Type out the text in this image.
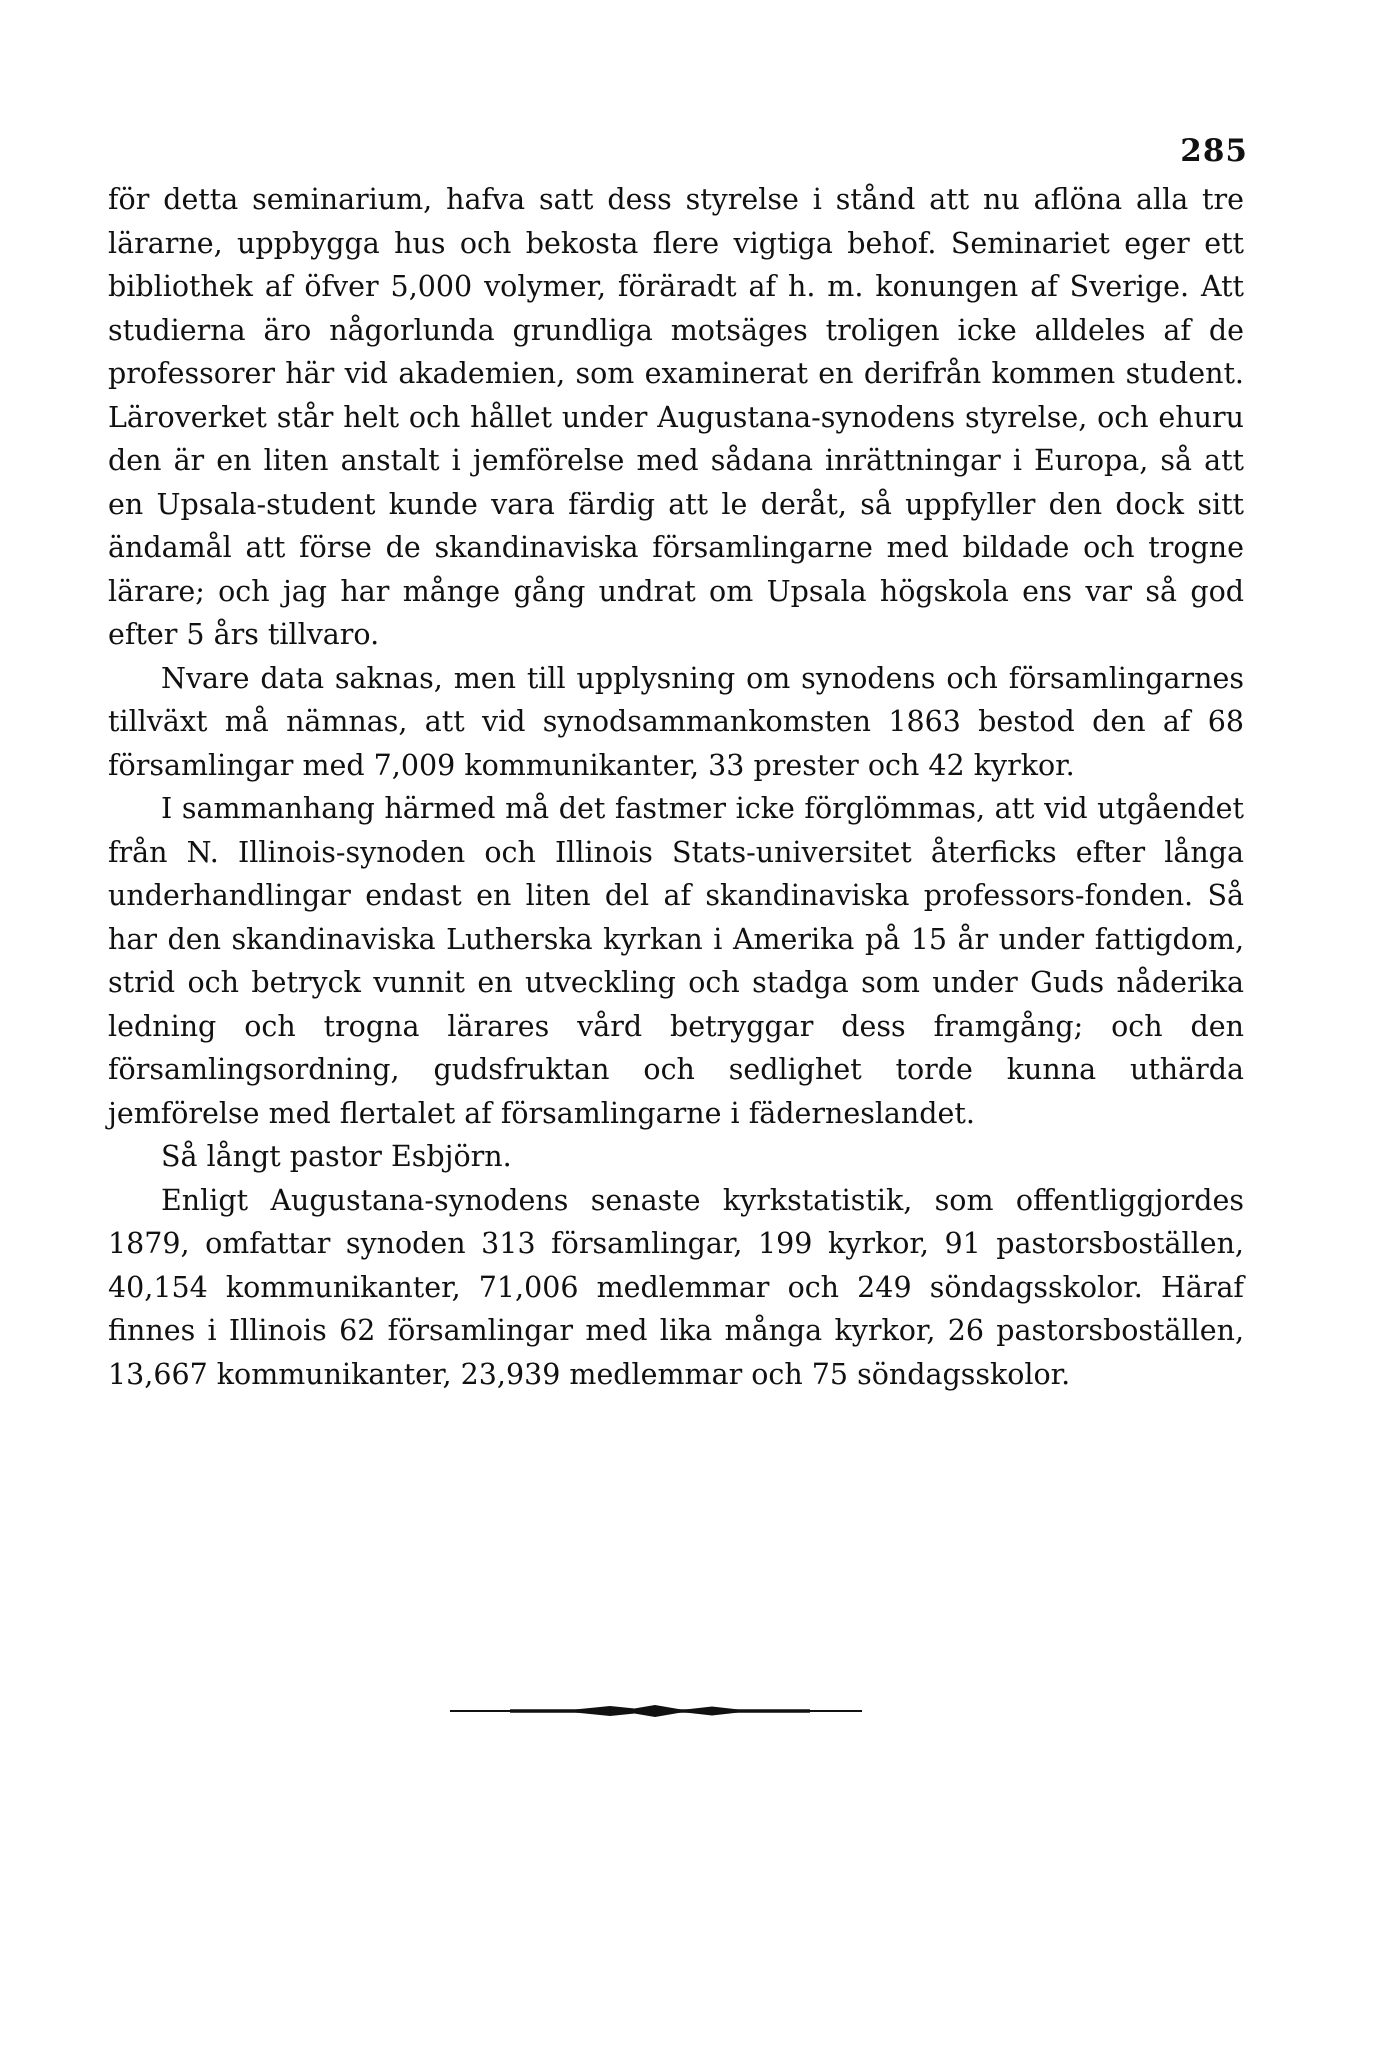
285

för detta seminarium, hafva satt dess styrelse i stånd att nu aflöna alla tre lärarne, uppbygga hus och bekosta flere vigtiga behof. Seminariet eger ett bibliothek af öfver 5,000 volymer, föräradt af h. m. konungen af Sverige. Att studierna äro någorlunda grundliga motsäges troligen icke alldeles af de professorer här vid akademien, som examinerat en derifrån kommen student. Läroverket står helt och hållet under Augustana-synodens styrelse, och ehuru den är en liten anstalt i jemförelse med sådana inrättningar i Europa, så att en Upsala-student kunde vara färdig att le deråt, så uppfyller den dock sitt ändamål att förse de skandinaviska församlingarne med bildade och trogne lärare; och jag har månge gång undrat om Upsala högskola ens var så god efter 5 års tillvaro.

Nvare data saknas, men till upplysning om synodens och församlingarnes tillväxt må nämnas, att vid synodsammankomsten 1863 bestod den af 68 församlingar med 7,009 kommunikanter, 33 prester och 42 kyrkor.

I sammanhang härmed må det fastmer icke förglömmas, att vid utgåendet från N. Illinois-synoden och Illinois Stats-universitet återficks efter långa underhandlingar endast en liten del af skandinaviska professors-fonden. Så har den skandinaviska Lutherska kyrkan i Amerika på 15 år under fattigdom, strid och betryck vunnit en utveckling och stadga som under Guds nåderika ledning och trogna lärares vård betryggar dess framgång; och den församlingsordning, gudsfruktan och sedlighet torde kunna uthärda jemförelse med flertalet af församlingarne i fäderneslandet.

Så långt pastor Esbjörn.

Enligt Augustana-synodens senaste kyrkstatistik, som offentliggjordes 1879, omfattar synoden 313 församlingar, 199 kyrkor, 91 pastorsboställen, 40,154 kommunikanter, 71,006 medlemmar och 249 söndagsskolor. Häraf finnes i Illinois 62 församlingar med lika många kyrkor, 26 pastorsboställen, 13,667 kommunikanter, 23,939 medlemmar och 75 söndagsskolor.
